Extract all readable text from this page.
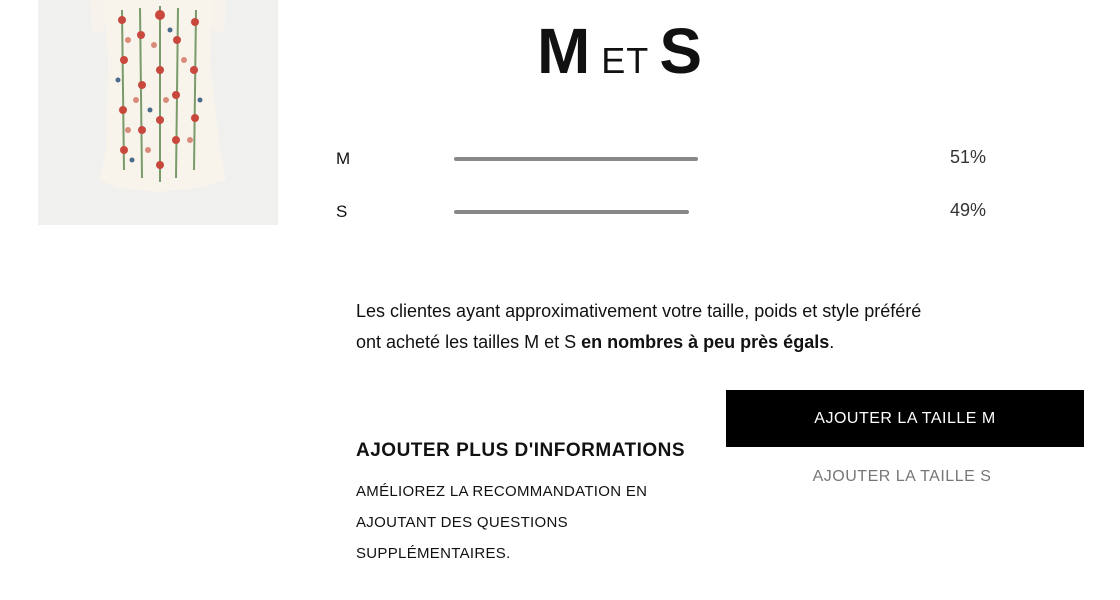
MET S
M	51%
S	49%

Les clientes ayant approximativement votre taille, poids et style préféré ont acheté les tailles M et S en nombres à peu près égals.

AJOUTER LA TAILLE M
AJOUTER LA TAILLE S
AJOUTER PLUS D'INFORMATIONS
AMÉLIOREZ LA RECOMMANDATION EN AJOUTANT DES QUESTIONS SUPPLÉMENTAIRES.
